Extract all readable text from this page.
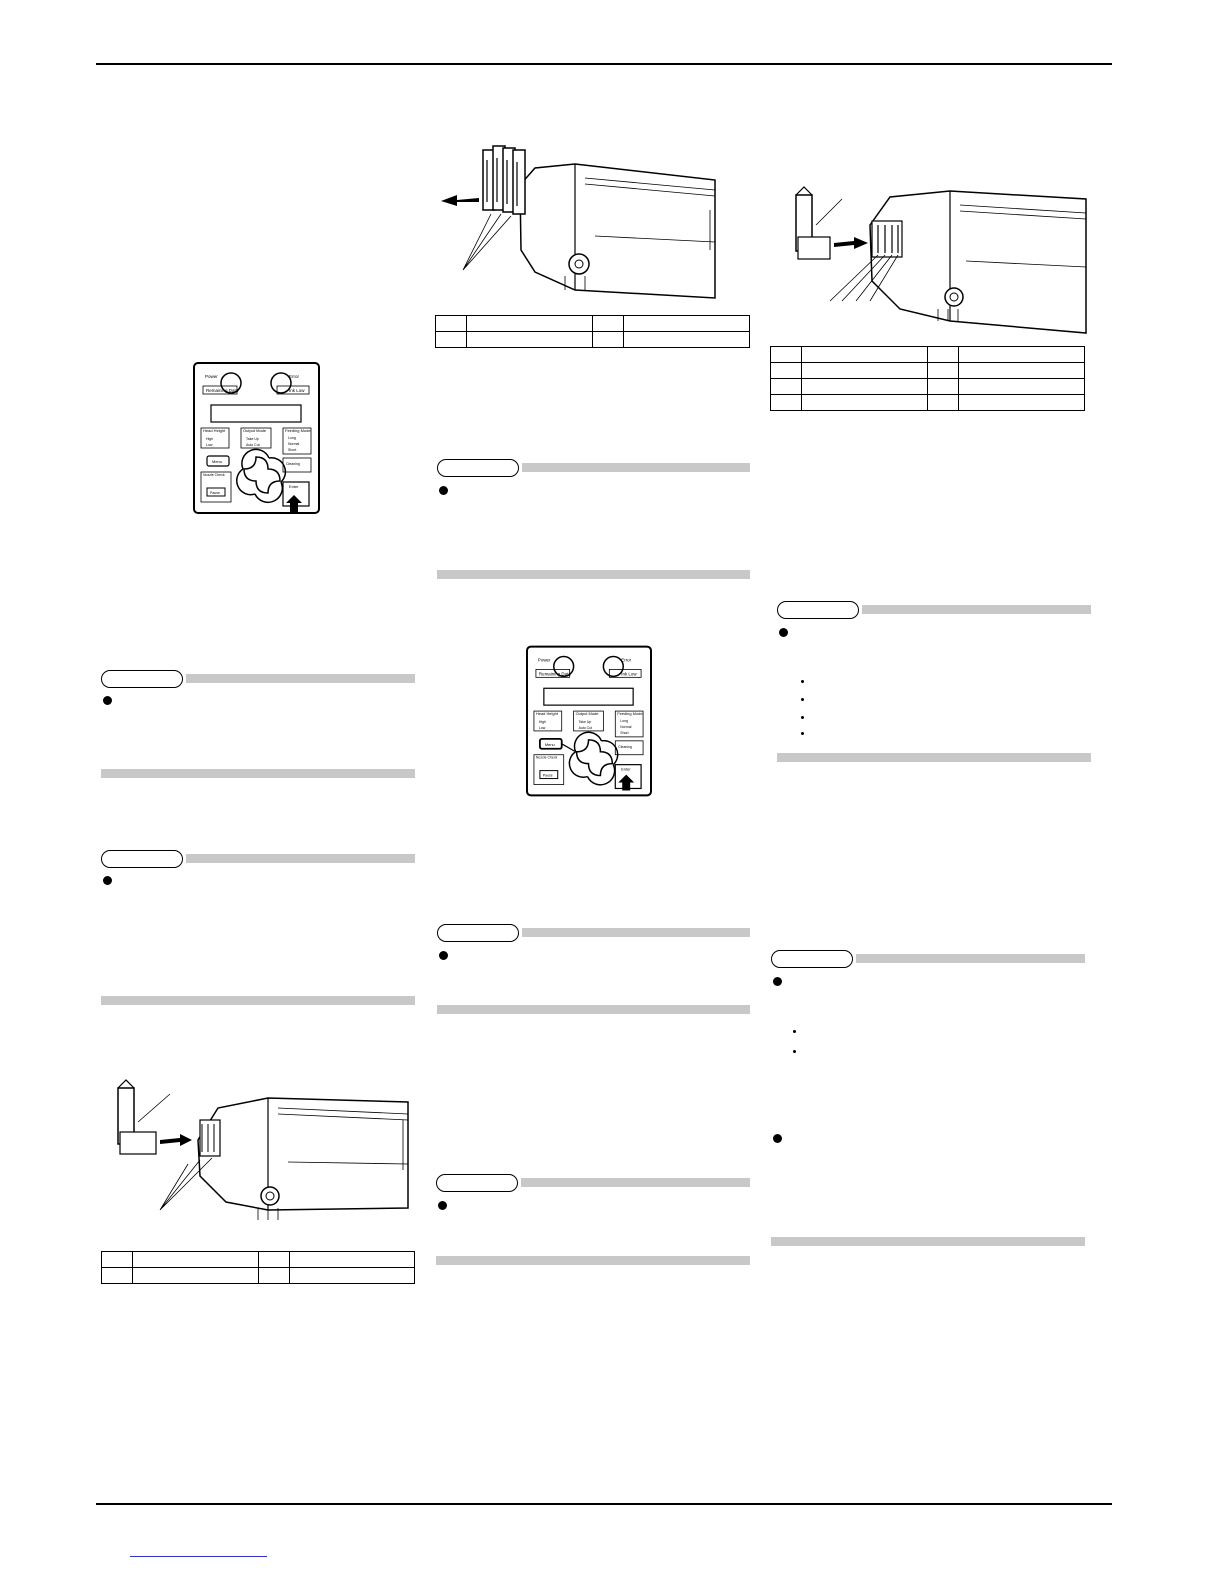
Remaining Data	Ink Low
Power	Error
Head Height	Output Mode	Feeding Mode
High
Low
Take Up
Auto Cut
Long
Normal
Short
Menu
Nozzle Check
Pause
Cleaning
Enter

Remaining Data	Ink Low
Power	Error
Head Height	Output Mode	Feeding Mode
High
Low
Take Up
Auto Cut
Long
Normal
Short
Menu
Nozzle Check
Pause
Cleaning
Enter
